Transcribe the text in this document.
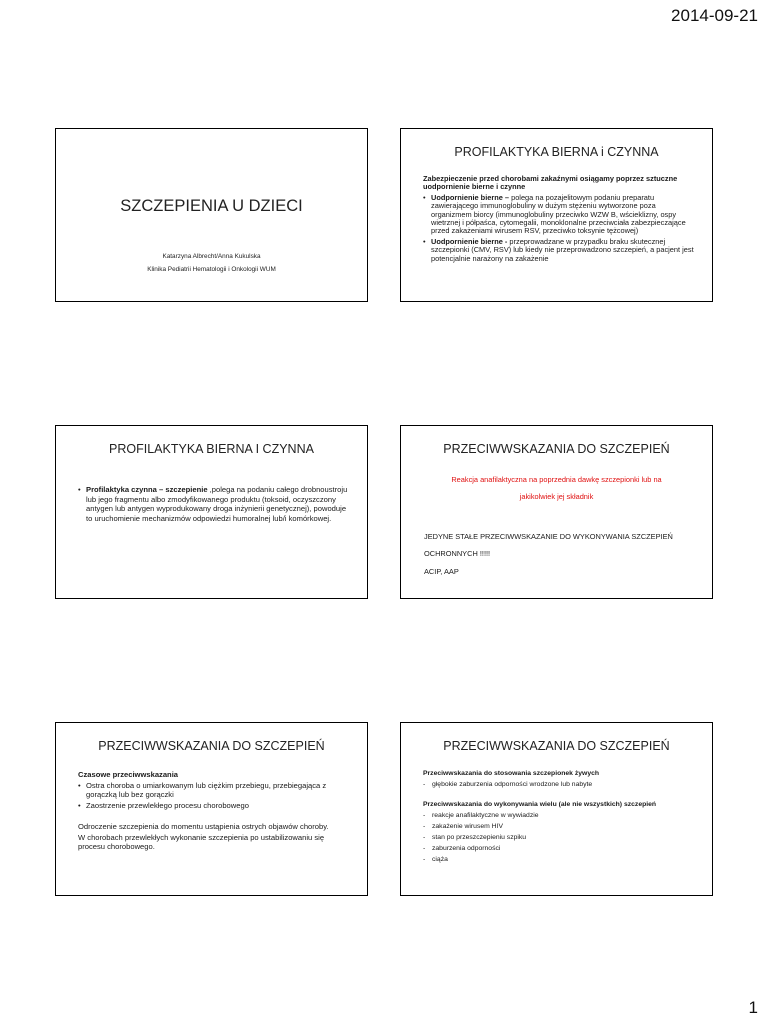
2014-09-21
SZCZEPIENIA U DZIECI
Katarzyna Albrecht/Anna Kukulska
Klinika Pediatrii Hematologii i Onkologii WUM
PROFILAKTYKA BIERNA i CZYNNA
Zabezpieczenie przed chorobami zakaźnymi osiągamy poprzez sztuczne uodpornienie bierne i czynne
• Uodpornienie bierne – polega na pozajelitowym podaniu preparatu zawierającego immunoglobuliny w dużym stężeniu wytworzone poza organizmem biorcy (immunoglobuliny przeciwko WZW B, wścieklizny, ospy wietrznej i półpaśca, cytomegalii, monoklonalne przeciwciała zabezpieczające przed zakażeniami wirusem RSV, przeciwko toksynie tężcowej)
• Uodpornienie bierne - przeprowadzane w przypadku braku skutecznej szczepionki (CMV, RSV) lub kiedy nie przeprowadzono szczepień, a pacjent jest potencjalnie narażony na zakażenie
PROFILAKTYKA BIERNA I CZYNNA
• Profilaktyka czynna – szczepienie ,polega na podaniu całego drobnoustroju lub jego fragmentu albo zmodyfikowanego produktu (toksoid, oczyszczony antygen lub antygen wyprodukowany droga inżynierii genetycznej), powoduje to uruchomienie mechanizmów odpowiedzi humoralnej lub/i komórkowej.
PRZECIWWSKAZANIA DO SZCZEPIEŃ
Reakcja anafilaktyczna na poprzednia dawkę szczepionki lub na
jakikolwiek jej składnik
JEDYNE STAŁE PRZECIWWSKAZANIE DO WYKONYWANIA SZCZEPIEŃ
OCHRONNYCH !!!!!
ACIP, AAP
PRZECIWWSKAZANIA DO SZCZEPIEŃ
Czasowe przeciwwskazania
• Ostra choroba o umiarkowanym lub ciężkim przebiegu, przebiegająca z gorączką lub bez gorączki
• Zaostrzenie przewlekłego procesu chorobowego
Odroczenie szczepienia do momentu ustąpienia ostrych objawów choroby.
W chorobach przewlekłych wykonanie szczepienia po ustabilizowaniu się procesu chorobowego.
PRZECIWWSKAZANIA DO SZCZEPIEŃ
Przeciwwskazania do stosowania szczepionek żywych
- głębokie zaburzenia odporności wrodzone lub nabyte
Przeciwwskazania do wykonywania wielu (ale nie wszystkich) szczepień
- reakcje anafilaktyczne w wywiadzie
- zakażenie wirusem HIV
- stan po przeszczepieniu szpiku
- zaburzenia odporności
- ciąża
1
